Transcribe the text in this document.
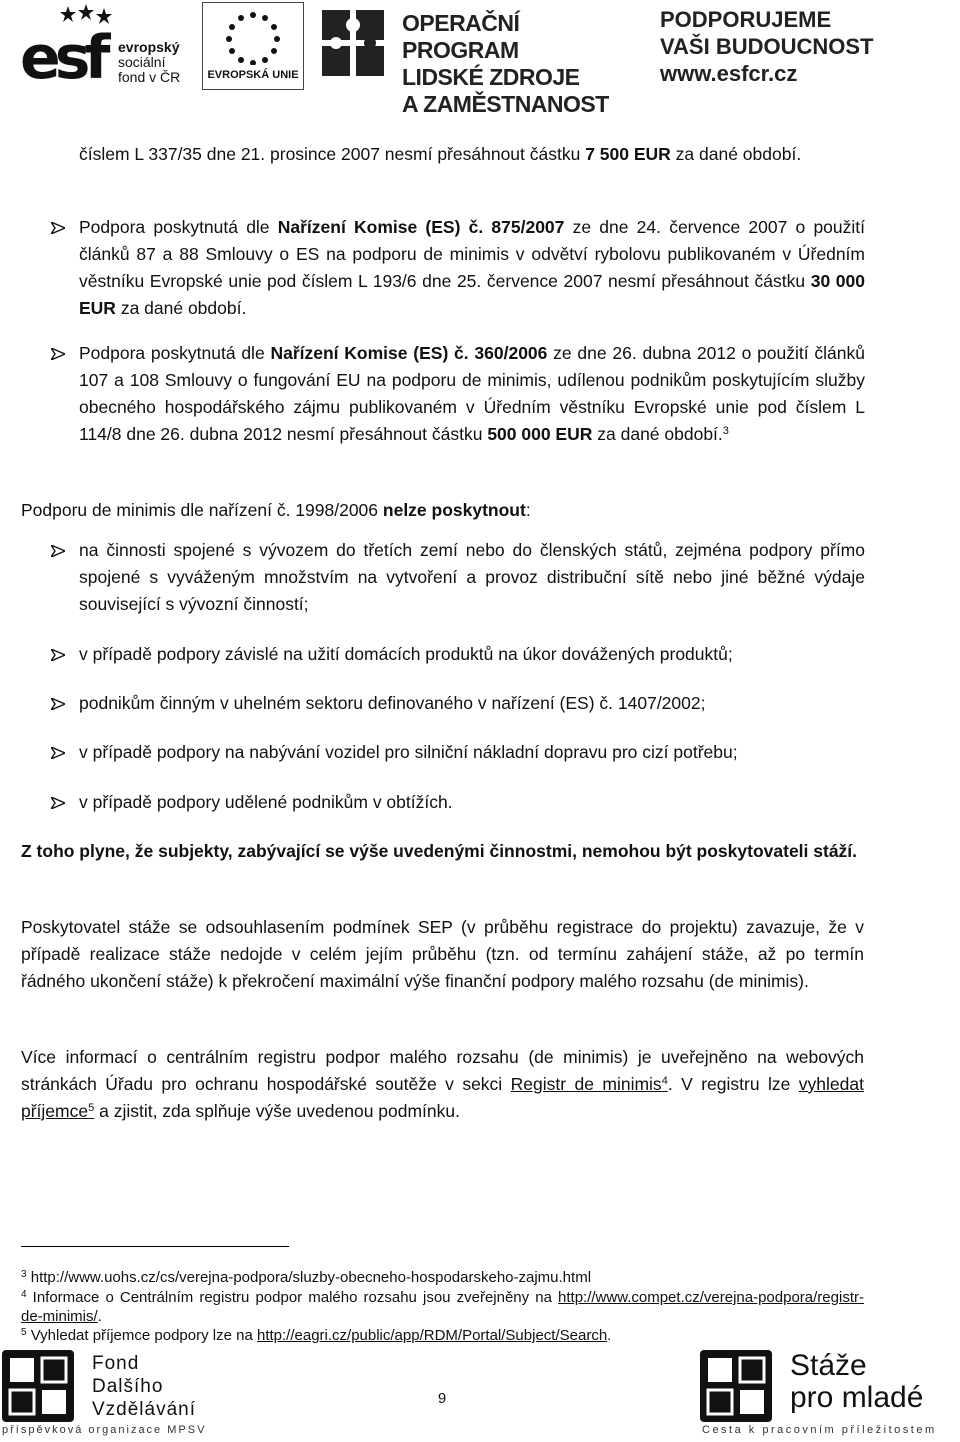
esf evropský
sociální
fond v ČR	EVROPSKÁ UNIE
OPERAČNÍ PROGRAM
LIDSKÉ ZDROJE
A ZAMĚSTNANOST
PODPORUJEME
VAŠI BUDOUCNOST
www.esfcr.cz
číslem L 337/35 dne 21. prosince 2007 nesmí přesáhnout částku 7 500 EUR za dané období.
Podpora poskytnutá dle Nařízení Komise (ES) č. 875/2007 ze dne 24. července 2007 o použití článků 87 a 88 Smlouvy o ES na podporu de minimis v odvětví rybolovu publikovaném v Úředním věstníku Evropské unie pod číslem L 193/6 dne 25. července 2007 nesmí přesáhnout částku 30 000 EUR za dané období.
Podpora poskytnutá dle Nařízení Komise (ES) č. 360/2006 ze dne 26. dubna 2012 o použití článků 107 a 108 Smlouvy o fungování EU na podporu de minimis, udílenou podnikům poskytujícím služby obecného hospodářského zájmu publikovaném v Úředním věstníku Evropské unie pod číslem L 114/8 dne 26. dubna 2012 nesmí přesáhnout částku 500 000 EUR za dané období.$^3$
Podporu de minimis dle nařízení č. 1998/2006 nelze poskytnout:
na činnosti spojené s vývozem do třetích zemí nebo do členských států, zejména podpory přímo spojené s vyváženým množstvím na vytvoření a provoz distribuční sítě nebo jiné běžné výdaje související s vývozní činností;
v případě podpory závislé na užití domácích produktů na úkor dovážených produktů;
podnikům činným v uhelném sektoru definovaného v nařízení (ES) č. 1407/2002;
v případě podpory na nabývání vozidel pro silniční nákladní dopravu pro cizí potřebu;
v případě podpory udělené podnikům v obtížích.
Z toho plyne, že subjekty, zabývající se výše uvedenými činnostmi, nemohou být poskytovateli stáží.
Poskytovatel stáže se odsouhlasením podmínek SEP (v průběhu registrace do projektu) zavazuje, že v případě realizace stáže nedojde v celém jejím průběhu (tzn. od termínu zahájení stáže, až po termín řádného ukončení stáže) k překročení maximální výše finanční podpory malého rozsahu (de minimis).
Více informací o centrálním registru podpor malého rozsahu (de minimis) je uveřejněno na webových stránkách Úřadu pro ochranu hospodářské soutěže v sekci Registr de minimis$^4$. V registru lze vyhledat příjemce$^5$ a zjistit, zda splňuje výše uvedenou podmínku.
$^3$ http://www.uohs.cz/cs/verejna-podpora/sluzby-obecneho-hospodarskeho-zajmu.html
$^4$ Informace o Centrálním registru podpor malého rozsahu jsou zveřejněny na http://www.compet.cz/verejna-podpora/registr-de-minimis/.
$^5$ Vyhledat příjemce podpory lze na http://eagri.cz/public/app/RDM/Portal/Subject/Search.
Fond
Dalšího
Vzdělávání
příspěvková organizace MPSV
9
Stáže
pro mladé
Cesta k pracovním příležitostem
